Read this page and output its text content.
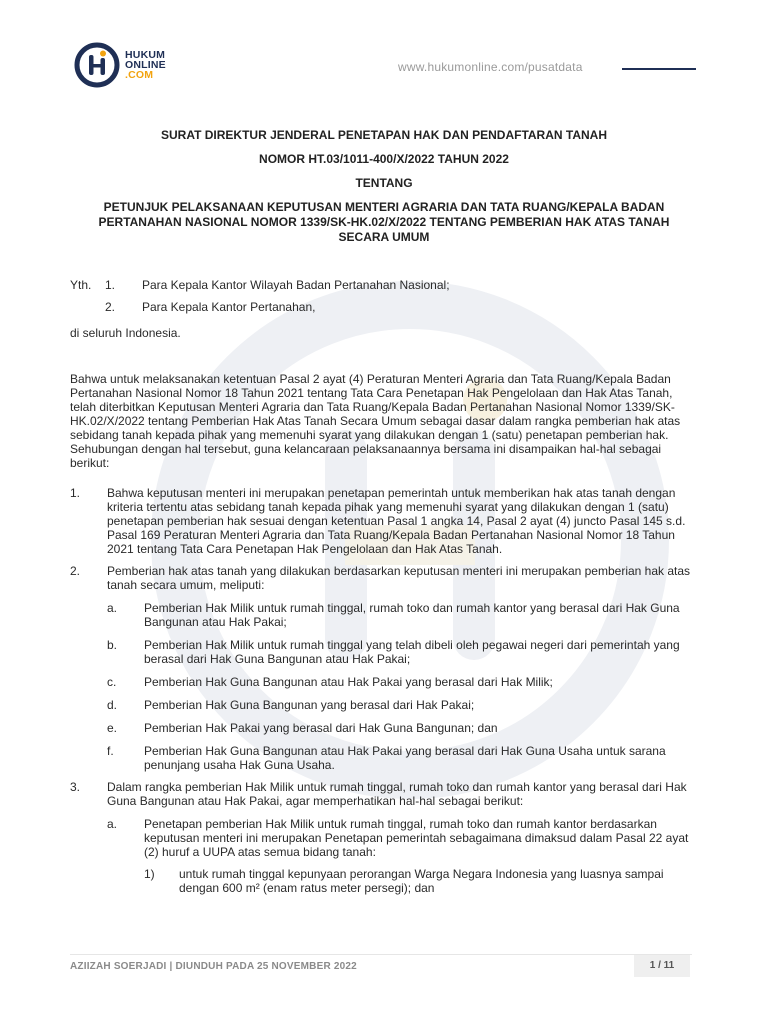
HUKUM
ONLINE
.COM
www.hukumonline.com/pusatdata
SURAT DIREKTUR JENDERAL PENETAPAN HAK DAN PENDAFTARAN TANAH
NOMOR HT.03/1011-400/X/2022 TAHUN 2022
TENTANG
PETUNJUK PELAKSANAAN KEPUTUSAN MENTERI AGRARIA DAN TATA RUANG/KEPALA BADAN
PERTANAHAN NASIONAL NOMOR 1339/SK-HK.02/X/2022 TENTANG PEMBERIAN HAK ATAS TANAH
SECARA UMUM
Yth.	1.	Para Kepala Kantor Wilayah Badan Pertanahan Nasional;
2.	Para Kepala Kantor Pertanahan,
di seluruh Indonesia.
Bahwa untuk melaksanakan ketentuan Pasal 2 ayat (4) Peraturan Menteri Agraria dan Tata Ruang/Kepala Badan Pertanahan Nasional Nomor 18 Tahun 2021 tentang Tata Cara Penetapan Hak Pengelolaan dan Hak Atas Tanah, telah diterbitkan Keputusan Menteri Agraria dan Tata Ruang/Kepala Badan Pertanahan Nasional Nomor 1339/SK-HK.02/X/2022 tentang Pemberian Hak Atas Tanah Secara Umum sebagai dasar dalam rangka pemberian hak atas sebidang tanah kepada pihak yang memenuhi syarat yang dilakukan dengan 1 (satu) penetapan pemberian hak. Sehubungan dengan hal tersebut, guna kelancaraan pelaksanaannya bersama ini disampaikan hal-hal sebagai berikut:
1.	Bahwa keputusan menteri ini merupakan penetapan pemerintah untuk memberikan hak atas tanah dengan kriteria tertentu atas sebidang tanah kepada pihak yang memenuhi syarat yang dilakukan dengan 1 (satu) penetapan pemberian hak sesuai dengan ketentuan Pasal 1 angka 14, Pasal 2 ayat (4) juncto Pasal 145 s.d. Pasal 169 Peraturan Menteri Agraria dan Tata Ruang/Kepala Badan Pertanahan Nasional Nomor 18 Tahun 2021 tentang Tata Cara Penetapan Hak Pengelolaan dan Hak Atas Tanah.
2.	Pemberian hak atas tanah yang dilakukan berdasarkan keputusan menteri ini merupakan pemberian hak atas tanah secara umum, meliputi:
a.	Pemberian Hak Milik untuk rumah tinggal, rumah toko dan rumah kantor yang berasal dari Hak Guna Bangunan atau Hak Pakai;
b.	Pemberian Hak Milik untuk rumah tinggal yang telah dibeli oleh pegawai negeri dari pemerintah yang berasal dari Hak Guna Bangunan atau Hak Pakai;
c.	Pemberian Hak Guna Bangunan atau Hak Pakai yang berasal dari Hak Milik;
d.	Pemberian Hak Guna Bangunan yang berasal dari Hak Pakai;
e.	Pemberian Hak Pakai yang berasal dari Hak Guna Bangunan; dan
f.	Pemberian Hak Guna Bangunan atau Hak Pakai yang berasal dari Hak Guna Usaha untuk sarana penunjang usaha Hak Guna Usaha.
3.	Dalam rangka pemberian Hak Milik untuk rumah tinggal, rumah toko dan rumah kantor yang berasal dari Hak Guna Bangunan atau Hak Pakai, agar memperhatikan hal-hal sebagai berikut:
a.	Penetapan pemberian Hak Milik untuk rumah tinggal, rumah toko dan rumah kantor berdasarkan keputusan menteri ini merupakan Penetapan pemerintah sebagaimana dimaksud dalam Pasal 22 ayat (2) huruf a UUPA atas semua bidang tanah:
1)	untuk rumah tinggal kepunyaan perorangan Warga Negara Indonesia yang luasnya sampai dengan 600 m² (enam ratus meter persegi); dan
AZIIZAH SOERJADI | DIUNDUH PADA 25 NOVEMBER 2022	1 / 11
